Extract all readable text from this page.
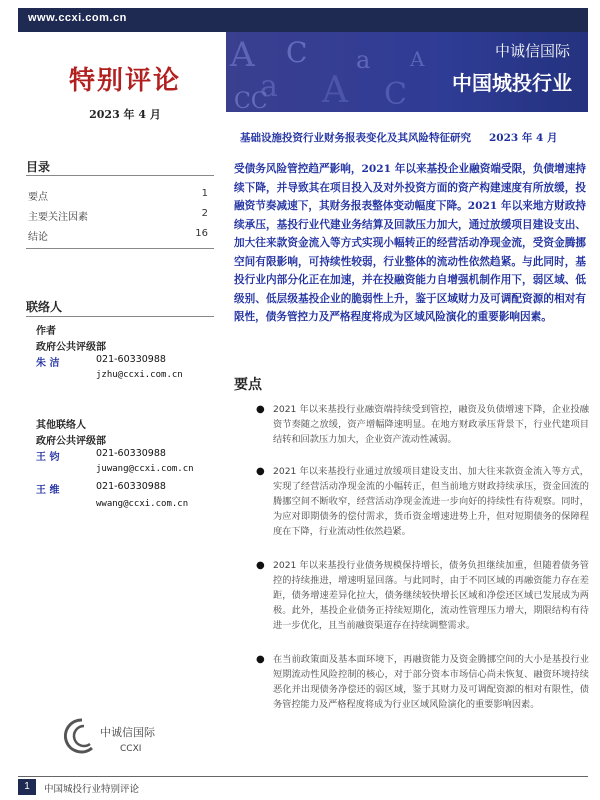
www.ccxi.com.cn
A
a
C
A
a
C
CC
A	中诚信国际
中国城投行业
特别评论
2023 年 4 月
基础设施投资行业财务报表变化及其风险特征研究 2023 年 4 月
目录
要点	1
主要关注因素	2
结论	16
联络人
作者
政府公共评级部
朱 洁	021-60330988
jzhu@ccxi.com.cn
其他联络人
政府公共评级部
王 钧	021-60330988
juwang@ccxi.com.cn
王 维	021-60330988
wwang@ccxi.com.cn
中诚信国际
CCXI

受债务风险管控趋严影响，2021 年以来基投企业融资端受限，负债增速持续下降，并导致其在项目投入及对外投资方面的资产构建速度有所放缓，投融资节奏减速下，其财务报表整体变动幅度下降。2021 年以来地方财政持续承压，基投行业代建业务结算及回款压力加大，通过放缓项目建设支出、加大往来款资金流入等方式实现小幅转正的经营活动净现金流，受资金腾挪空间有限影响，可持续性较弱，行业整体的流动性依然趋紧。与此同时，基投行业内部分化正在加速，并在投融资能力自增强机制作用下，弱区域、低级别、低层级基投企业的脆弱性上升，鉴于区域财力及可调配资源的相对有限性，债务管控力及严格程度将成为区域风险演化的重要影响因素。

要点
● 2021 年以来基投行业融资端持续受到管控，融资及负债增速下降，企业投融资节奏随之放缓，资产增幅降速明显。在地方财政承压背景下，行业代建项目结转和回款压力加大，企业资产流动性减弱。

● 2021 年以来基投行业通过放缓项目建设支出、加大往来款资金流入等方式，实现了经营活动净现金流的小幅转正，但当前地方财政持续承压，资金回流的腾挪空间不断收窄，经营活动净现金流进一步向好的持续性有待观察。同时，为应对即期债务的偿付需求，货币资金增速进势上升，但对短期债务的保障程度在下降，行业流动性依然趋紧。

● 2021 年以来基投行业债务规模保持增长，债务负担继续加重，但随着债务管控的持续推进，增速明显回落。与此同时，由于不同区域的再融资能力存在差距，债务增速差异化拉大，债务继续较快增长区域和净偿还区域已发展成为两极。此外，基投企业债务正持续短期化，流动性管理压力增大，期限结构有待进一步优化，且当前融资渠道存在持续调整需求。

● 在当前政策面及基本面环境下，再融资能力及资金腾挪空间的大小是基投行业短期流动性风险控制的核心，对于部分资本市场信心尚未恢复、融资环境持续恶化并出现债务净偿还的弱区域，鉴于其财力及可调配资源的相对有限性，债务管控能力及严格程度将成为行业区域风险演化的重要影响因素。

1	中国城投行业特别评论
